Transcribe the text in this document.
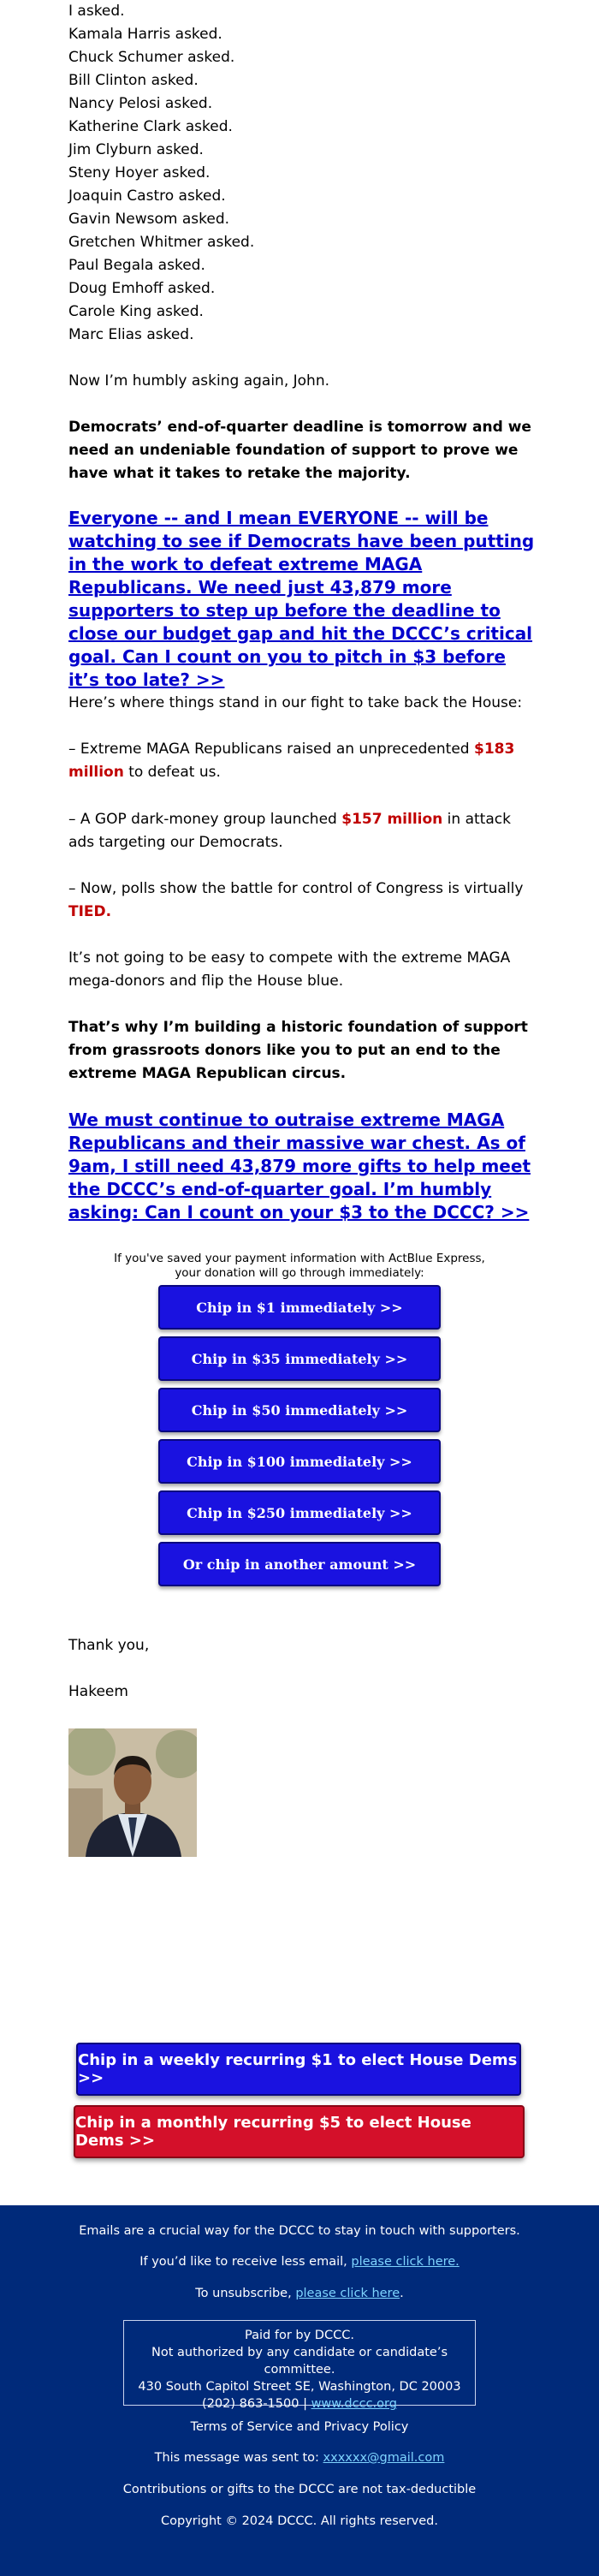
I asked.
Kamala Harris asked.
Chuck Schumer asked.
Bill Clinton asked.
Nancy Pelosi asked.
Katherine Clark asked.
Jim Clyburn asked.
Steny Hoyer asked.
Joaquin Castro asked.
Gavin Newsom asked.
Gretchen Whitmer asked.
Paul Begala asked.
Doug Emhoff asked.
Carole King asked.
Marc Elias asked.

Now I’m humbly asking again, John.

Democrats’ end-of-quarter deadline is tomorrow and we need an undeniable foundation of support to prove we have what it takes to retake the majority.

Everyone -- and I mean EVERYONE -- will be watching to see if Democrats have been putting in the work to defeat extreme MAGA Republicans. We need just 43,879 more supporters to step up before the deadline to close our budget gap and hit the DCCC’s critical goal. Can I count on you to pitch in $3 before it’s too late? >>

Here’s where things stand in our fight to take back the House:

– Extreme MAGA Republicans raised an unprecedented $183 million to defeat us.

– A GOP dark-money group launched $157 million in attack ads targeting our Democrats.

– Now, polls show the battle for control of Congress is virtually TIED.

It’s not going to be easy to compete with the extreme MAGA mega-donors and flip the House blue.

That’s why I’m building a historic foundation of support from grassroots donors like you to put an end to the extreme MAGA Republican circus.

We must continue to outraise extreme MAGA Republicans and their massive war chest. As of 9am, I still need 43,879 more gifts to help meet the DCCC’s end-of-quarter goal. I’m humbly asking: Can I count on your $3 to the DCCC? >>
If you've saved your payment information with ActBlue Express, your donation will go through immediately:
Chip in $1 immediately >>
Chip in $35 immediately >>
Chip in $50 immediately >>
Chip in $100 immediately >>
Chip in $250 immediately >>
Or chip in another amount >>

Thank you,

Hakeem

Chip in a weekly recurring $1 to elect House Dems >>
Chip in a monthly recurring $5 to elect House Dems >>
Emails are a crucial way for the DCCC to stay in touch with supporters.
If you’d like to receive less email, please click here.
To unsubscribe, please click here.
Paid for by DCCC.
Not authorized by any candidate or candidate’s committee.
430 South Capitol Street SE, Washington, DC 20003
(202) 863-1500 | www.dccc.org
Terms of Service and Privacy Policy
This message was sent to: xxxxxx@gmail.com
Contributions or gifts to the DCCC are not tax-deductible
Copyright © 2024 DCCC. All rights reserved.
